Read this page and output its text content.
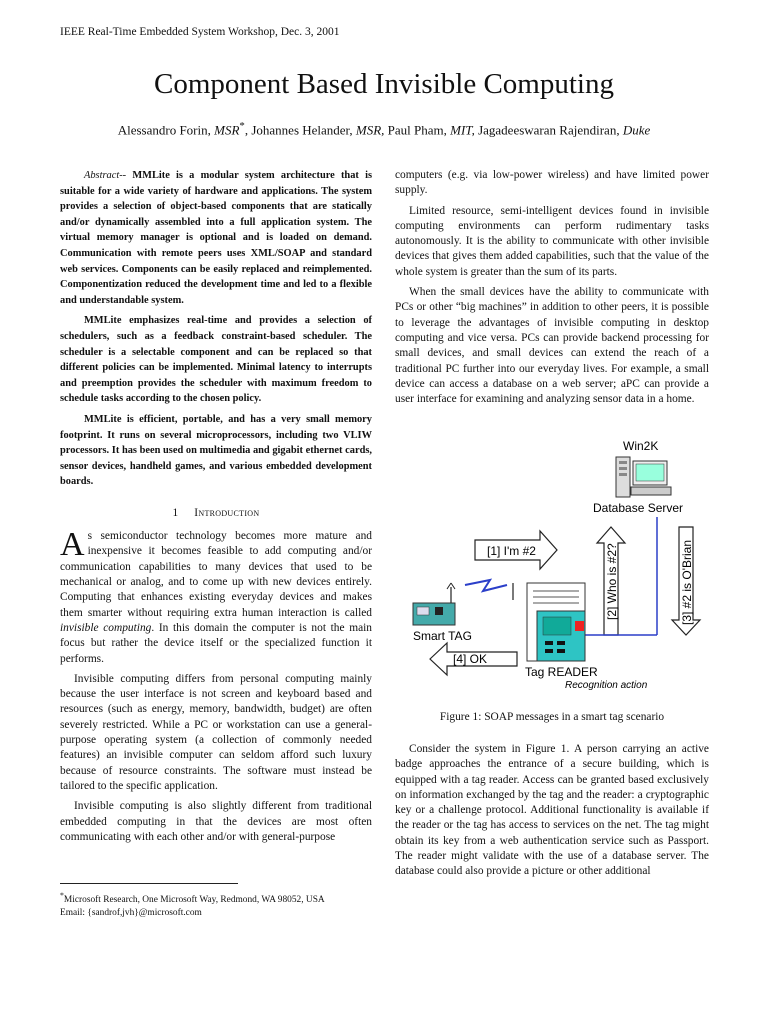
IEEE Real-Time Embedded System Workshop, Dec. 3, 2001
Component Based Invisible Computing
Alessandro Forin, MSR*, Johannes Helander, MSR, Paul Pham, MIT, Jagadeeswaran Rajendiran, Duke

Abstract-- MMLite is a modular system architecture that is suitable for a wide variety of hardware and applications. The system provides a selection of object-based components that are statically and/or dynamically assembled into a full application system. The virtual memory manager is optional and is loaded on demand. Communication with remote peers uses XML/SOAP and standard web services. Components can be easily replaced and reimplemented. Componentization reduced the development time and led to a flexible and understandable system.

MMLite emphasizes real-time and provides a selection of schedulers, such as a feedback constraint-based scheduler. The scheduler is a selectable component and can be replaced so that different policies can be implemented. Minimal latency to interrupts and preemption provides the scheduler with maximum freedom to schedule tasks according to the chosen policy.

MMLite is efficient, portable, and has a very small memory footprint. It runs on several microprocessors, including two VLIW processors. It has been used on multimedia and gigabit ethernet cards, sensor devices, handheld games, and various embedded development boards.

1 Introduction

As semiconductor technology becomes more mature and inexpensive it becomes feasible to add computing and/or communication capabilities to many devices that used to be mechanical or analog, and to come up with new devices entirely. Computing that enhances existing everyday devices and makes them smarter without requiring extra human interaction is called invisible computing. In this domain the computer is not the main focus but rather the device itself or the specialized function it performs.

Invisible computing differs from personal computing mainly because the user interface is not screen and keyboard based and resources (such as energy, memory, bandwidth, budget) are often severely restricted. While a PC or workstation can use a general-purpose operating system (a collection of commonly needed features) an invisible computer can seldom afford such luxury because of resource constraints. The software must instead be tailored to the specific application.

Invisible computing is also slightly different from traditional embedded computing in that the devices are most often communicating with each other and/or with general-purpose

computers (e.g. via low-power wireless) and have limited power supply.

Limited resource, semi-intelligent devices found in invisible computing environments can perform rudimentary tasks autonomously. It is the ability to communicate with other invisible devices that gives them added capabilities, such that the value of the whole system is greater than the sum of its parts.

When the small devices have the ability to communicate with PCs or other “big machines” in addition to other peers, it is possible to leverage the advantages of invisible computing in desktop computing and vice versa. PCs can provide backend processing for small devices, and small devices can extend the reach of a traditional PC further into our everyday lives. For example, a small device can access a database on a web server; aPC can provide a user interface for examining and analyzing sensor data in a home.

Win2K
Database Server
[1] I'm #2	[2] Who is #2?	[3] #2 is O'Brian
Smart TAG
[4] OK
Tag READER
Recognition action
Figure 1: SOAP messages in a smart tag scenario

Consider the system in Figure 1. A person carrying an active badge approaches the entrance of a secure building, which is equipped with a tag reader. Access can be granted based exclusively on information exchanged by the tag and the reader: a cryptographic key or a challenge protocol. Additional functionality is available if the reader or the tag has access to services on the net. The tag might obtain its key from a web authentication service such as Passport. The reader might validate with the use of a database server. The database could also provide a picture or other additional

*Microsoft Research, One Microsoft Way, Redmond, WA 98052, USA
Email: {sandrof,jvh}@microsoft.com
